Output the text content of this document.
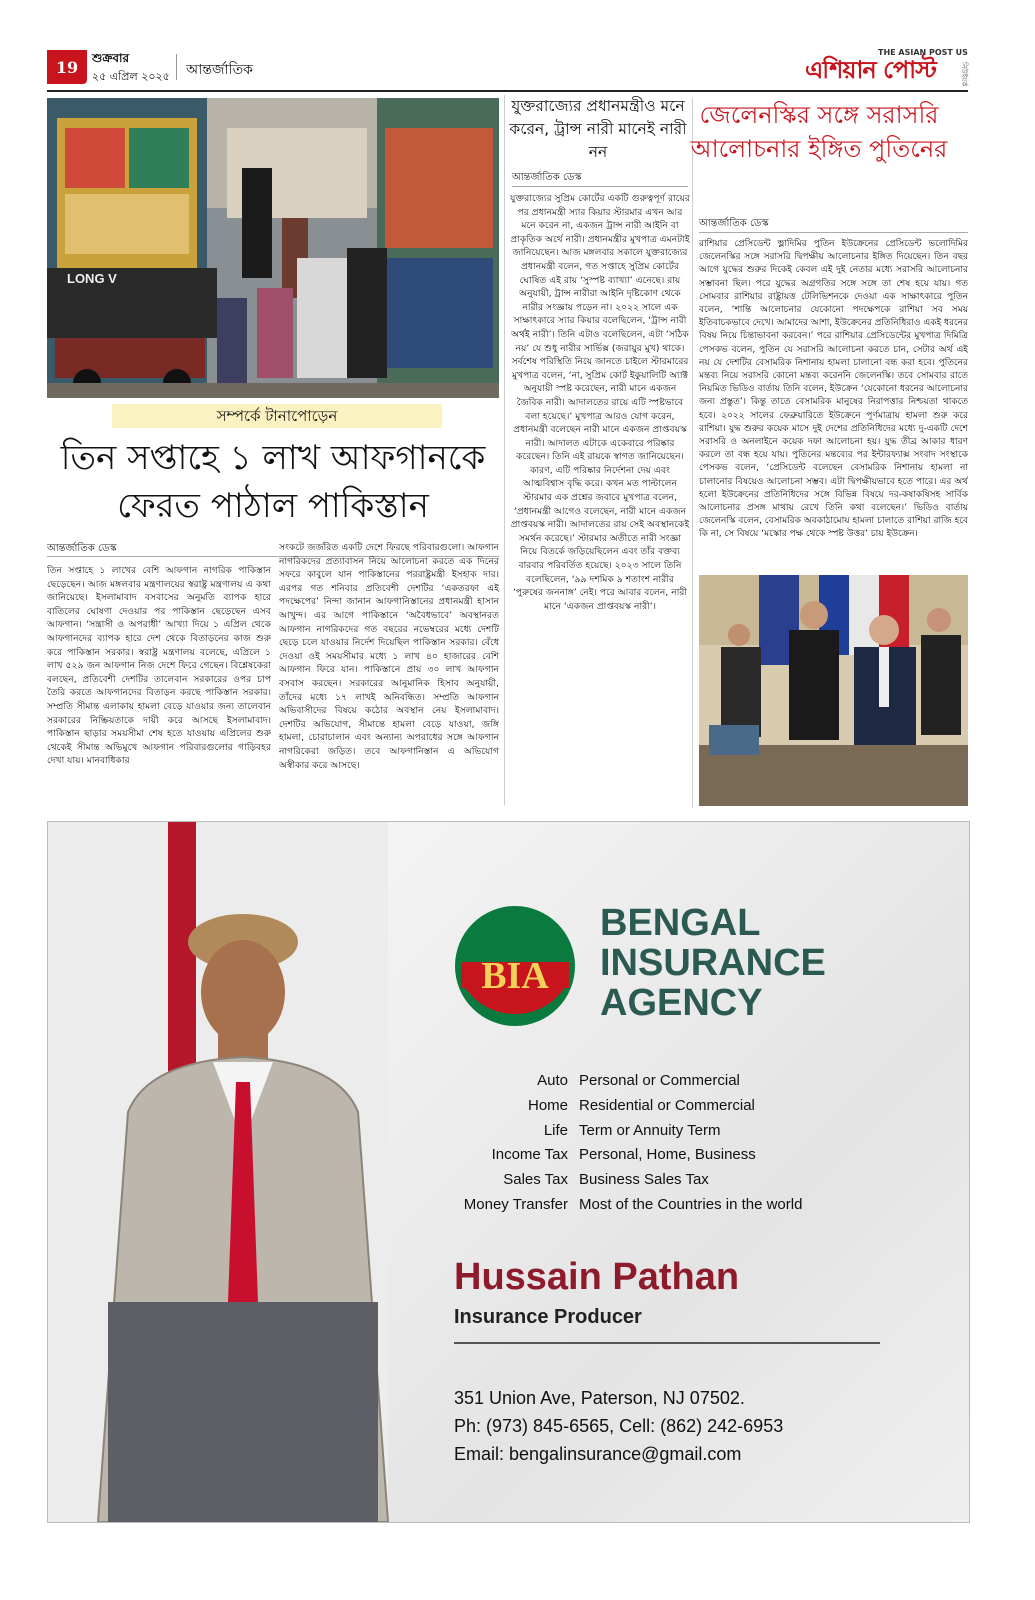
19	শুক্রবার
২৫ এপ্রিল ২০২৫ আন্তর্জাতিক
THE ASIAN POST US
এশিয়ান পোস্ট	নিউইয়র্ক
LONG V
সম্পর্কে টানাপোড়েন
তিন সপ্তাহে ১ লাখ আফগানকে
ফেরত পাঠাল পাকিস্তান
আন্তর্জাতিক ডেস্ক

তিন সপ্তাহে ১ লাখের বেশি আফগান নাগরিক পাকিস্তান ছেড়েছেন। আজ মঙ্গলবার মন্ত্রণালয়ের স্বরাষ্ট্র মন্ত্রণালয় এ কথা জানিয়েছে। ইসলামাবাদ বসবাসের অনুমতি ব্যাপক হারে বাতিলের ঘোষণা দেওয়ার পর পাকিস্তান ছেড়েছেন এসব আফগান। ‘সন্ত্রাসী ও অপরাধী’ আখ্যা দিয়ে ১ এপ্রিল থেকে আফগানদের ব্যাপক হারে দেশ থেকে বিতাড়নের কাজ শুরু করে পাকিস্তান সরকার। স্বরাষ্ট্র মন্ত্রণালয় বলেছে, এপ্রিলে ১ লাখ ৫২৯ জন আফগান নিজ দেশে ফিরে গেছেন। বিশ্লেষকেরা বলছেন, প্রতিবেশী দেশটির তালেবান সরকারের ওপর চাপ তৈরি করতে আফগানদের বিতাড়ন করছে পাকিস্তান সরকার। সম্প্রতি সীমান্ত এলাকায় হামলা বেড়ে যাওয়ার জন্য তালেবান সরকারের নিষ্ক্রিয়তাকে দায়ী করে আসছে ইসলামাবাদ। পাকিস্তান ছাড়ার সময়সীমা শেষ হতে যাওয়ায় এপ্রিলের শুরু থেকেই সীমান্ত অভিমুখে আফগান পরিবারগুলোর গাড়িবহর দেখা যায়। মানবাধিকার

সংকটে জর্জরিত একটি দেশে ফিরছে পরিবারগুলো। আফগান নাগরিকদের প্রত্যাবাসন নিয়ে আলোচনা করতে এক দিনের সফরে কাবুলে যান পাকিস্তানের পররাষ্ট্রমন্ত্রী ইসহাক দার। এরপর গত শনিবার প্রতিবেশী দেশটির ‘একতরফা এই পদক্ষেপের’ নিন্দা জানান আফগানিস্তানের প্রধানমন্ত্রী হাসান আখুন্দ। এর আগে পাকিস্তানে ‘অবৈধভাবে’ অবস্থানরত আফগান নাগরিকদের গত বছরের নভেম্বরের মধ্যে দেশটি ছেড়ে চলে যাওয়ার নির্দেশ দিয়েছিল পাকিস্তান সরকার। বেঁধে দেওয়া ওই সময়সীমার মধ্যে ১ লাখ ৪০ হাজারের বেশি আফগান ফিরে যান। পাকিস্তানে প্রায় ৩০ লাখ আফগান বসবাস করছেন। সরকারের আনুমানিক হিসাব অনুযায়ী, তাঁদের মধ্যে ১৭ লাখই অনিবন্ধিত। সম্প্রতি আফগান অভিবাসীদের বিষয়ে কঠোর অবস্থান নেয় ইসলামাবাদ। দেশটির অভিযোগ, সীমান্তে হামলা বেড়ে যাওয়া, জঙ্গি হামলা, চোরাচালান এবং অন্যান্য অপরাধের সঙ্গে আফগান নাগরিকেরা জড়িত। তবে আফগানিস্তান এ অভিযোগ অস্বীকার করে আসছে।

যুক্তরাজ্যের প্রধানমন্ত্রীও মনে করেন, ট্রান্স নারী মানেই নারী নন
আন্তর্জাতিক ডেস্ক

যুক্তরাজ্যের সুপ্রিম কোর্টের একটি গুরুত্বপূর্ণ রায়ের পর প্রধানমন্ত্রী স্যার কিয়ার স্টারমার এখন আর মনে করেন না, একজন ট্রান্স নারী আইনি বা প্রাকৃতিক অর্থে নারী। প্রধানমন্ত্রীর মুখপাত্র এমনটাই জানিয়েছেন। আজ মঙ্গলবার সকালে যুক্তরাজ্যের প্রধানমন্ত্রী বলেন, গত সপ্তাহে সুপ্রিম কোর্টের ঘোষিত এই রায় ‘সুস্পষ্ট ব্যাখ্যা’ এনেছে। রায় অনুযায়ী, ট্রান্স নারীরা আইনি দৃষ্টিকোণ থেকে নারীর সংজ্ঞায় পড়েন না। ২০২২ সালে এক সাক্ষাৎকারে স্যার কিয়ার বলেছিলেন, ‘ট্রান্স নারী অর্থই নারী’। তিনি এটাও বলেছিলেন, এটা ‘সঠিক নয়’ যে শুধু নারীর সার্ভিক্স (জরায়ুর মুখ) থাকে। সর্বশেষ পরিস্থিতি নিয়ে জানতে চাইলে স্টারমারের মুখপাত্র বলেন, ‘না, সুপ্রিম কোর্ট ইকুয়ালিটি অ্যাক্ট অনুযায়ী স্পষ্ট করেছেন, নারী মানে একজন জৈবিক নারী। আদালতের রায়ে এটি স্পষ্টভাবে বলা হয়েছে।’ মুখপাত্র আরও যোগ করেন, প্রধানমন্ত্রী বলেছেন নারী মানে একজন প্রাপ্তবয়স্ক নারী। আদালত এটাকে একেবারে পরিষ্কার করেছেন। তিনি এই রায়কে স্বাগত জানিয়েছেন। কারণ, এটি পরিষ্কার নির্দেশনা দেয় এবং আত্মবিশ্বাস বৃদ্ধি করে। কখন মত পাল্টালেন স্টারমার এক প্রশ্নের জবাবে মুখপাত্র বলেন, ‘প্রধানমন্ত্রী আগেও বলেছেন, নারী মানে একজন প্রাপ্তবয়স্ক নারী। আদালতের রায় সেই অবস্থানকেই সমর্থন করেছে।’ স্টারমার অতীতে নারী সংজ্ঞা নিয়ে বিতর্কে জড়িয়েছিলেন এবং তাঁর বক্তব্য বারবার পরিবর্তিত হয়েছে। ২০২৩ সালে তিনি বলেছিলেন, ‘৯৯ দশমিক ৯ শতাংশ নারীর ‘পুরুষের জননাঙ্গ’ নেই। পরে আবার বলেন, নারী মানে ‘একজন প্রাপ্তবয়স্ক নারী’।

জেলেনস্কির সঙ্গে সরাসরি আলোচনার ইঙ্গিত পুতিনের
আন্তর্জাতিক ডেস্ক

রাশিয়ার প্রেসিডেন্ট ভ্লাদিমির পুতিন ইউক্রেনের প্রেসিডেন্ট ভলোদিমির জেলেনস্কির সঙ্গে সরাসরি দ্বিপক্ষীয় আলোচনার ইঙ্গিত দিয়েছেন। তিন বছর আগে যুদ্ধের শুরুর দিকেই কেবল এই দুই নেতার মধ্যে সরাসরি আলোচনার সম্ভাবনা ছিল। পরে যুদ্ধের অগ্রগতির সঙ্গে সঙ্গে তা শেষ হয়ে যায়। গত সোমবার রাশিয়ার রাষ্ট্রায়ত্ত টেলিভিশনকে দেওয়া এক সাক্ষাৎকারে পুতিন বলেন, ‘শান্তি আলোচনার যেকোনো পদক্ষেপকে রাশিয়া সব সময় ইতিবাচকভাবে দেখে। আমাদের আশা, ইউক্রেনের প্রতিনিধিরাও একই ধরনের বিষয় নিয়ে চিন্তাভাবনা করবেন।’ পরে রাশিয়ার প্রেসিডেন্টের মুখপাত্র দিমিত্রি পেসকভ বলেন, পুতিন যে সরাসরি আলোচনা করতে চান, সেটার অর্থ এই নয় যে দেশটির বেসামরিক নিশানায় হামলা চালানো বন্ধ করা হবে। পুতিনের মন্তব্য নিয়ে সরাসরি কোনো মন্তব্য করেননি জেলেনস্কি। তবে সোমবার রাতে নিয়মিত ভিডিও বার্তায় তিনি বলেন, ইউক্রেন ‘যেকোনো ধরনের আলোচনার জন্য প্রস্তুত’। কিন্তু তাতে বেসামরিক মানুষের নিরাপত্তার নিশ্চয়তা থাকতে হবে। ২০২২ সালের ফেব্রুয়ারিতে ইউক্রেনে পূর্ণমাত্রায় হামলা শুরু করে রাশিয়া। যুদ্ধ শুরুর কয়েক মাসে দুই দেশের প্রতিনিধিদের মধ্যে দু-একটি দেশে সরাসরি ও অনলাইনে কয়েক দফা আলোচনা হয়। যুদ্ধ তীব্র আকার ধারণ করলে তা বন্ধ হয়ে যায়। পুতিনের মন্তব্যের পর ইন্টারফ্যাক্স সংবাদ সংস্থাকে পেসকভ বলেন, ‘প্রেসিডেন্ট বলেছেন বেসামরিক নিশানায় হামলা না চালানোর বিষয়েও আলোচনা সম্ভব। এটা দ্বিপক্ষীয়ভাবে হতে পারে। এর অর্থ হলো ইউক্রেনের প্রতিনিধিদের সঙ্গে বিভিন্ন বিষয়ে দর-কষাকষিসহ সার্বিক আলোচনার প্রসঙ্গ মাথায় রেখে তিনি কথা বলেছেন।’ ভিডিও বার্তায় জেলেনস্কি বলেন, বেসামরিক অবকাঠামোয় হামলা চালাতে রাশিয়া রাজি হবে কি না, সে বিষয়ে ‘মস্কোর পক্ষ থেকে স্পষ্ট উত্তর’ চায় ইউক্রেন।

BIA
BENGAL
INSURANCE
AGENCY
Auto Personal or Commercial
Home Residential or Commercial
Life Term or Annuity Term
Income Tax Personal, Home, Business
Sales Tax Business Sales Tax
Money Transfer Most of the Countries in the world
Hussain Pathan
Insurance Producer
351 Union Ave, Paterson, NJ 07502.
Ph: (973) 845-6565, Cell: (862) 242-6953
Email: bengalinsurance@gmail.com
